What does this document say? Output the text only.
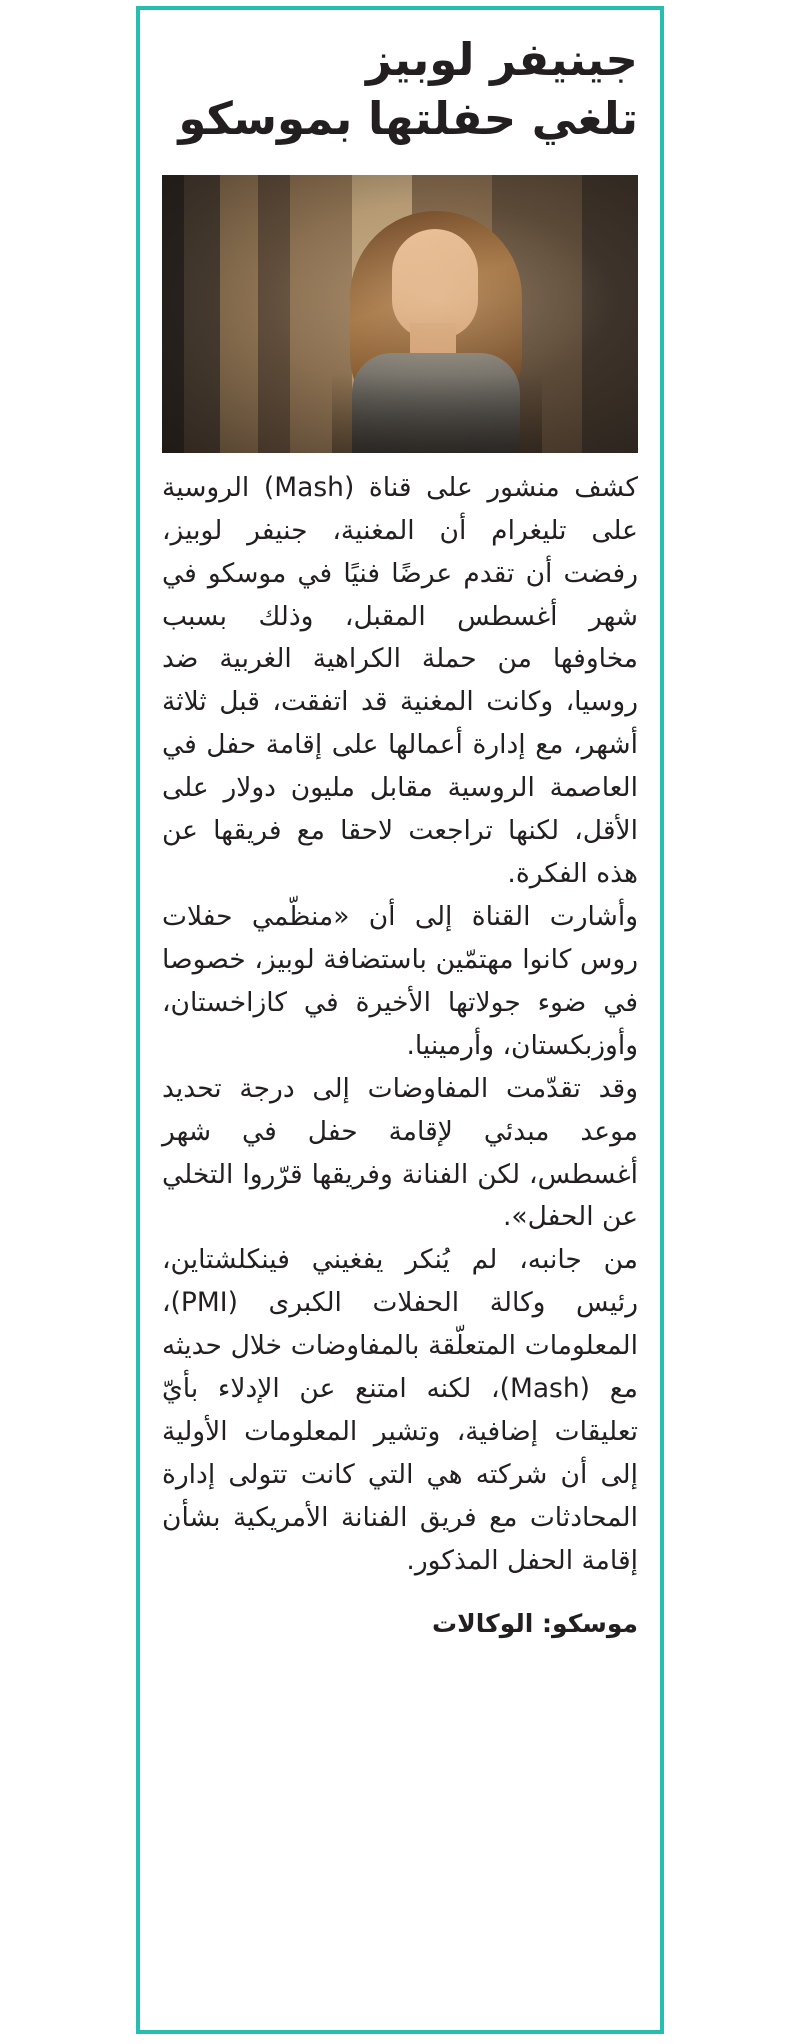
جينيفر لوبيز
تلغي حفلتها بموسكو

كشف منشور على قناة (Mash) الروسية على تليغرام أن المغنية، جنيفر لوبيز، رفضت أن تقدم عرضًا فنيًا في موسكو في شهر أغسطس المقبل، وذلك بسبب مخاوفها من حملة الكراهية الغربية ضد روسيا، وكانت المغنية قد اتفقت، قبل ثلاثة أشهر، مع إدارة أعمالها على إقامة حفل في العاصمة الروسية مقابل مليون دولار على الأقل، لكنها تراجعت لاحقا مع فريقها عن هذه الفكرة.

وأشارت القناة إلى أن «منظّمي حفلات روس كانوا مهتمّين باستضافة لوبيز، خصوصا في ضوء جولاتها الأخيرة في كازاخستان، وأوزبكستان، وأرمينيا.

وقد تقدّمت المفاوضات إلى درجة تحديد موعد مبدئي لإقامة حفل في شهر أغسطس، لكن الفنانة وفريقها قرّروا التخلي عن الحفل».

من جانبه، لم يُنكر يفغيني فينكلشتاين، رئيس وكالة الحفلات الكبرى (PMI)، المعلومات المتعلّقة بالمفاوضات خلال حديثه مع (Mash)، لكنه امتنع عن الإدلاء بأيّ تعليقات إضافية، وتشير المعلومات الأولية إلى أن شركته هي التي كانت تتولى إدارة المحادثات مع فريق الفنانة الأمريكية بشأن إقامة الحفل المذكور.

موسكو: الوكالات
